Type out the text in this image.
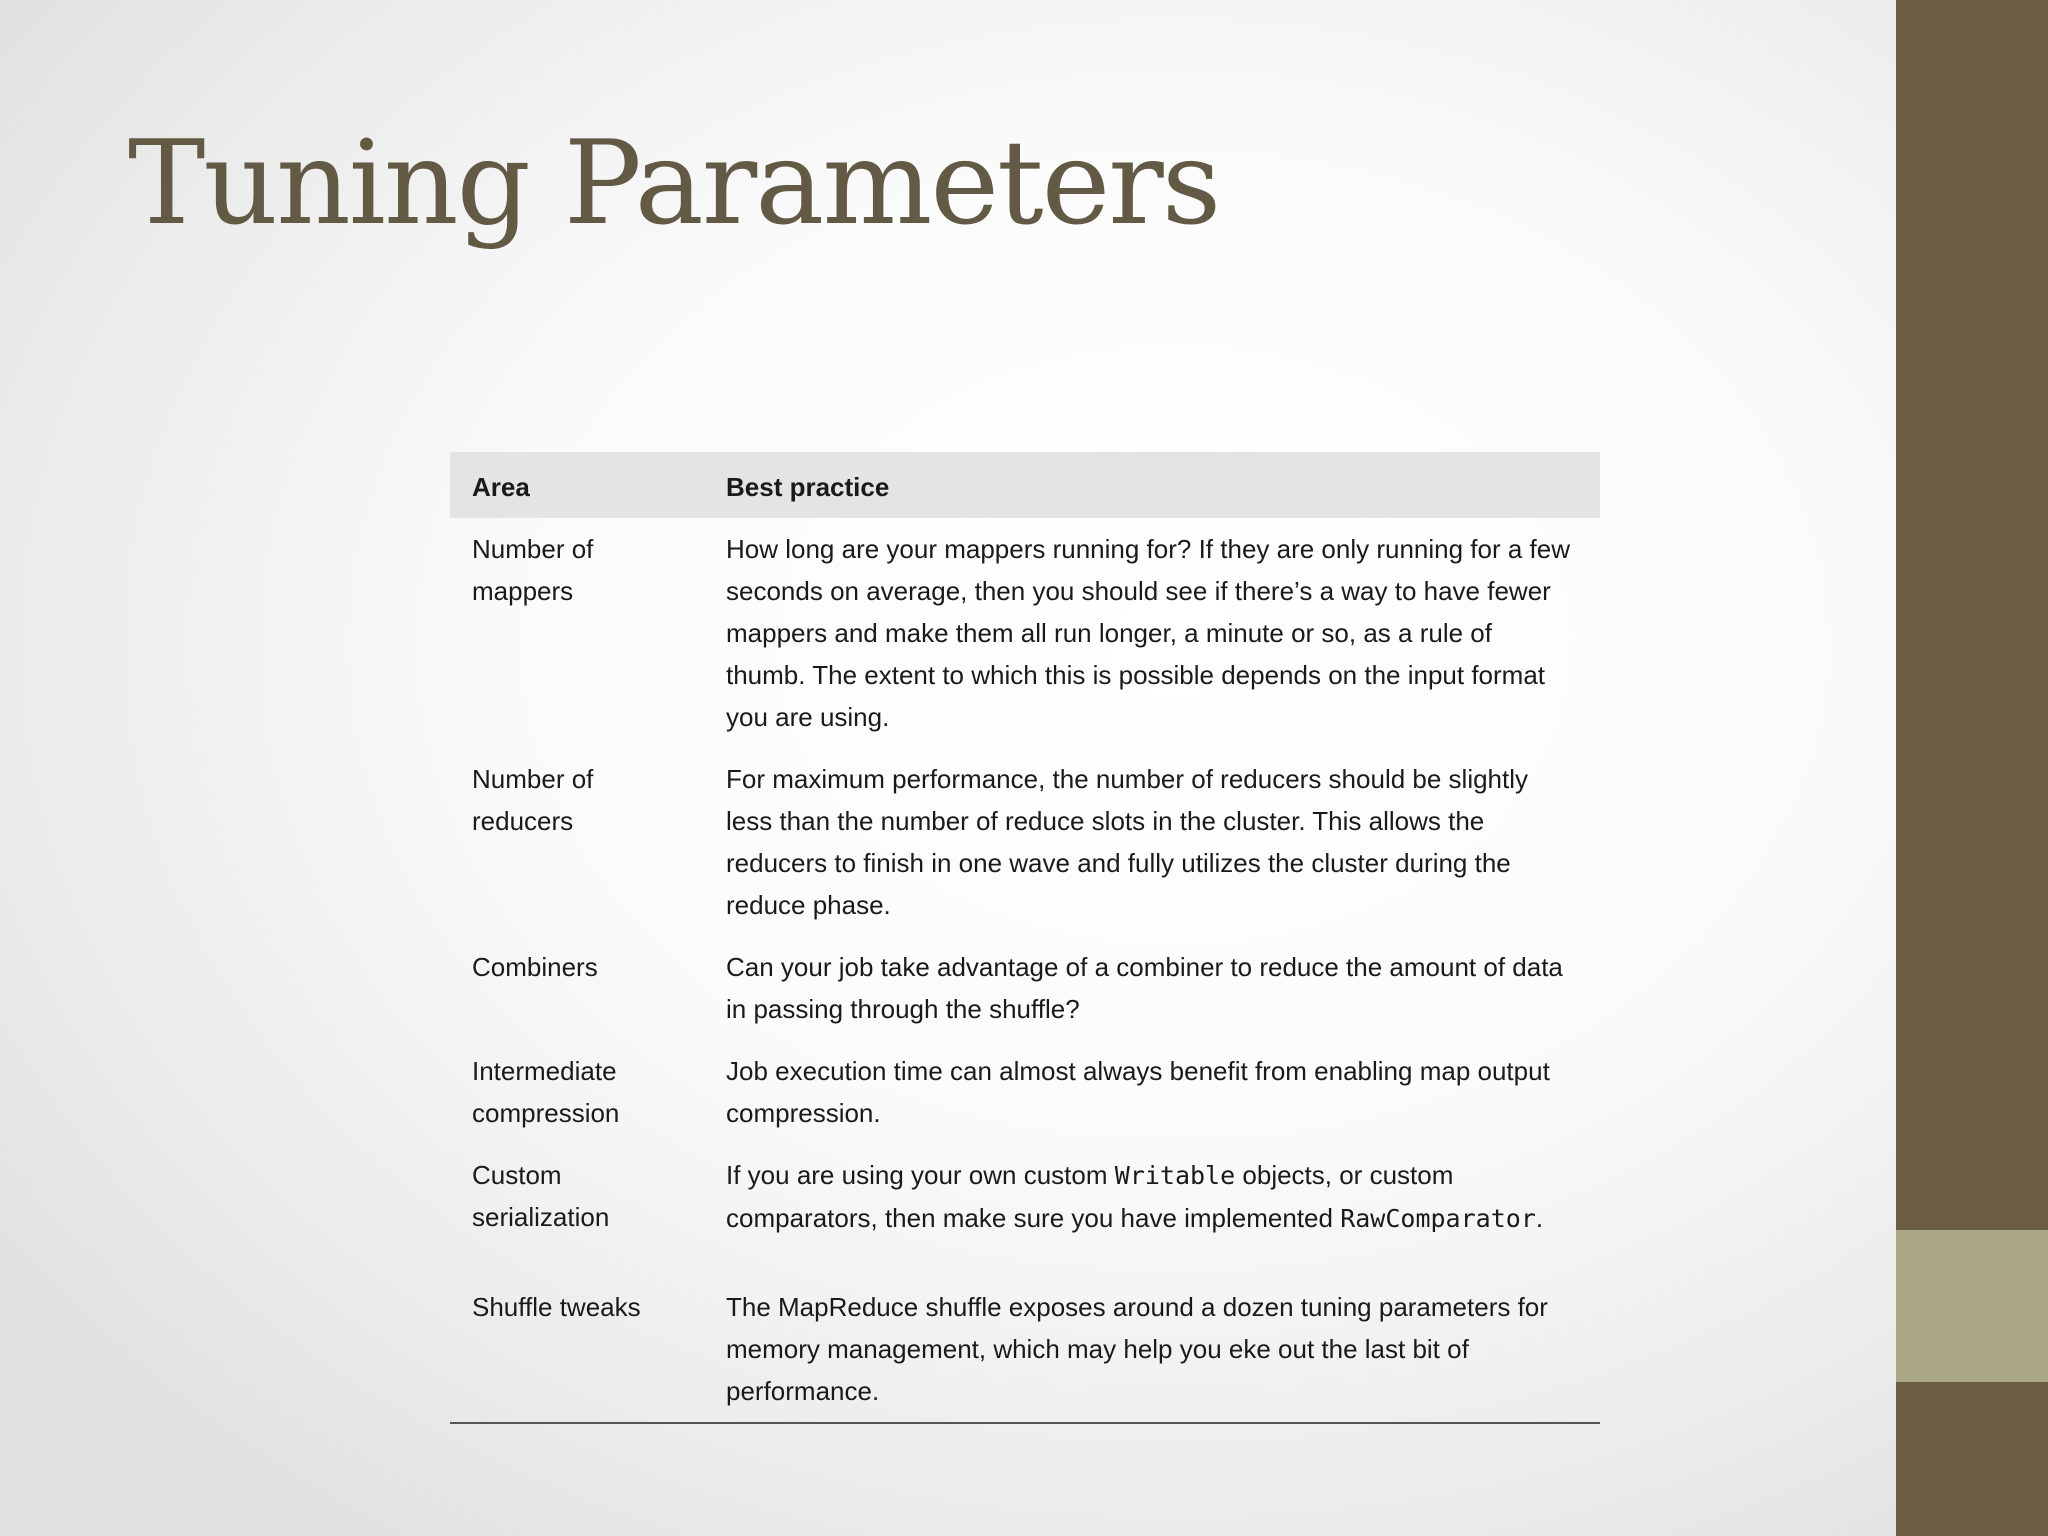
Tuning Parameters
Area	Best practice
Number of mappers	How long are your mappers running for? If they are only running for a few seconds on average, then you should see if there’s a way to have fewer mappers and make them all run longer, a minute or so, as a rule of thumb. The extent to which this is possible depends on the input format you are using.
Number of reducers	For maximum performance, the number of reducers should be slightly less than the number of reduce slots in the cluster. This allows the reducers to finish in one wave and fully utilizes the cluster during the reduce phase.
Combiners	Can your job take advantage of a combiner to reduce the amount of data in passing through the shuffle?
Intermediate compression	Job execution time can almost always benefit from enabling map output compression.
Custom serialization	If you are using your own custom Writable objects, or custom comparators, then make sure you have implemented RawComparator.
Shuffle tweaks	The MapReduce shuffle exposes around a dozen tuning parameters for memory management, which may help you eke out the last bit of performance.
